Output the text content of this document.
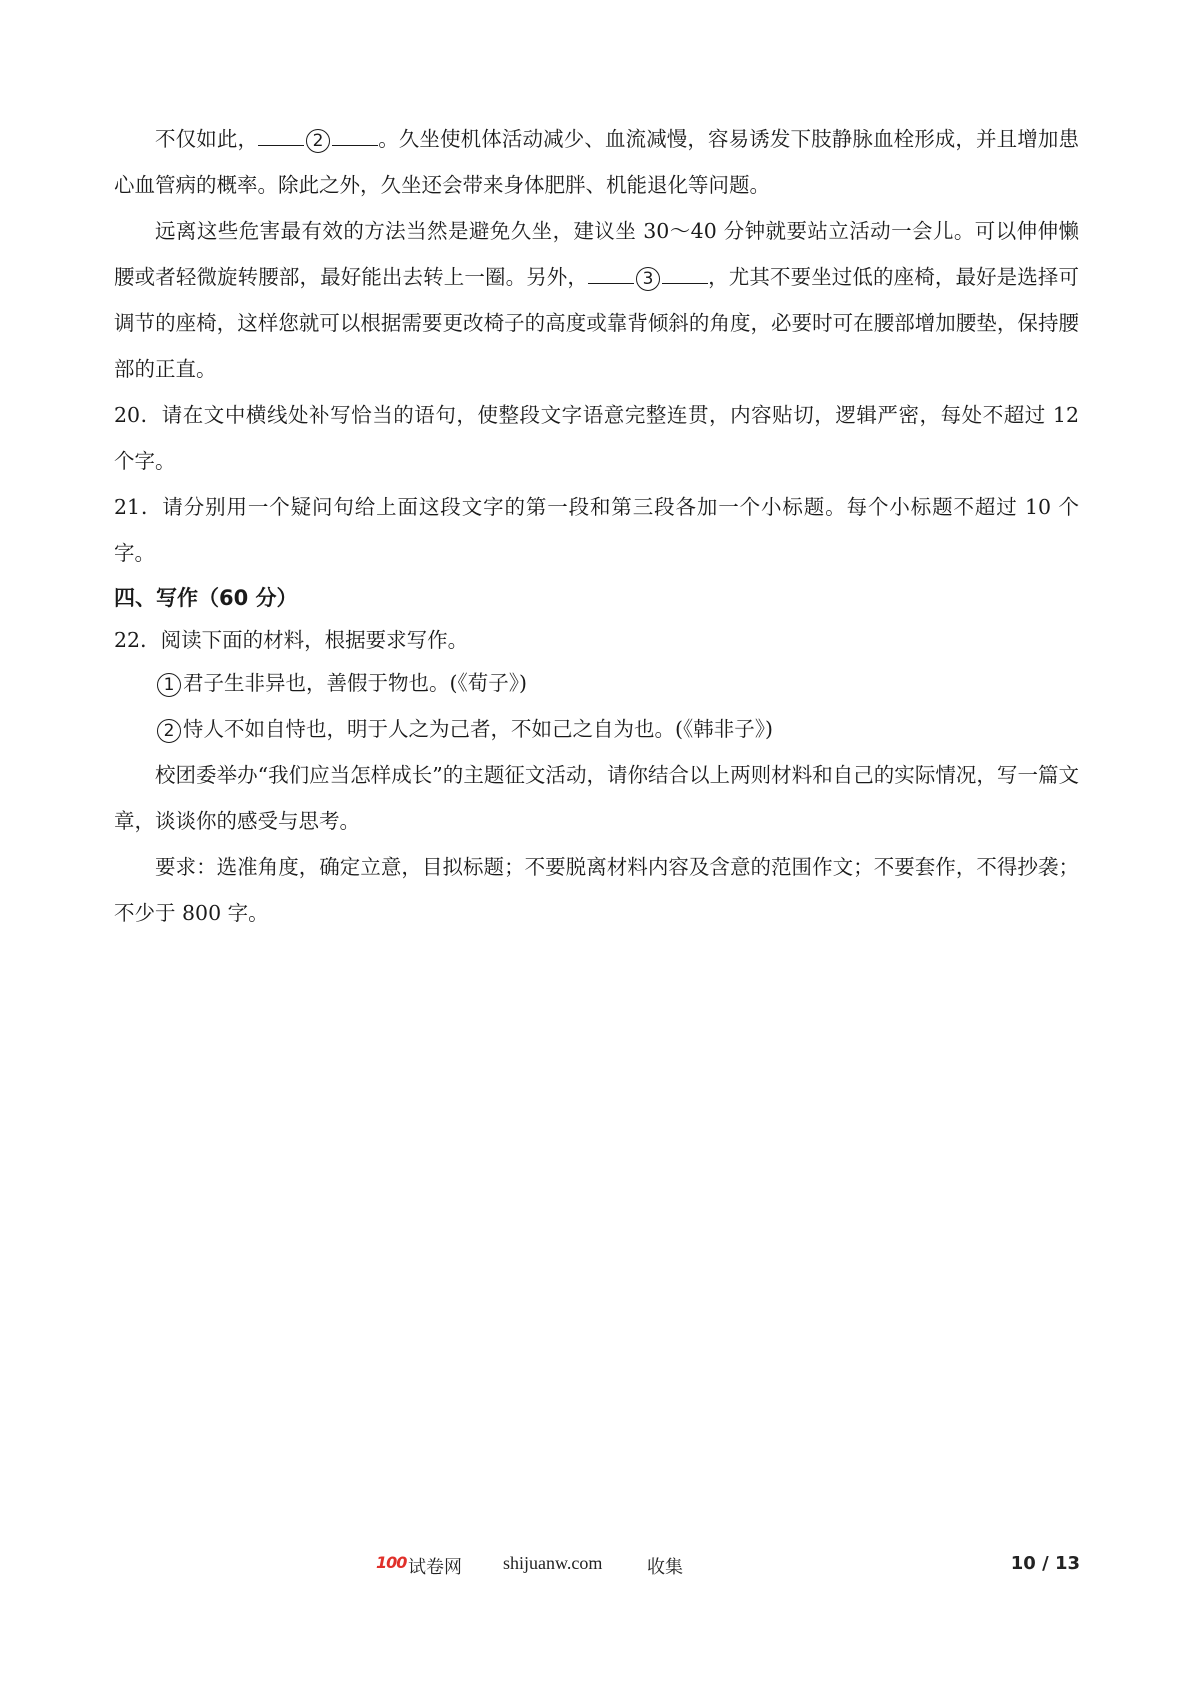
不仅如此，	2	。久坐使机体活动减少、血流减慢，容易诱发下肢静脉血栓形成，并且增加患心血管病的概率。除此之外，久坐还会带来身体肥胖、机能退化等问题。

远离这些危害最有效的方法当然是避免久坐，建议坐 30～40 分钟就要站立活动一会儿。可以伸伸懒腰或者轻微旋转腰部，最好能出去转上一圈。另外，	3	，尤其不要坐过低的座椅，最好是选择可调节的座椅，这样您就可以根据需要更改椅子的高度或靠背倾斜的角度，必要时可在腰部增加腰垫，保持腰部的正直。

20．请在文中横线处补写恰当的语句，使整段文字语意完整连贯，内容贴切，逻辑严密，每处不超过 12 个字。

21．请分别用一个疑问句给上面这段文字的第一段和第三段各加一个小标题。每个小标题不超过 10 个字。

四、写作（60 分）

22．阅读下面的材料，根据要求写作。

1 君子生非异也，善假于物也。(《荀子》)

2 恃人不如自恃也，明于人之为己者，不如己之自为也。(《韩非子》)

校团委举办“我们应当怎样成长”的主题征文活动，请你结合以上两则材料和自己的实际情况，写一篇文章，谈谈你的感受与思考。

要求：选准角度，确定立意，目拟标题；不要脱离材料内容及含意的范围作文；不要套作，不得抄袭；不少于 800 字。

100 试卷网 shijuanw.com 收集	10 / 13
